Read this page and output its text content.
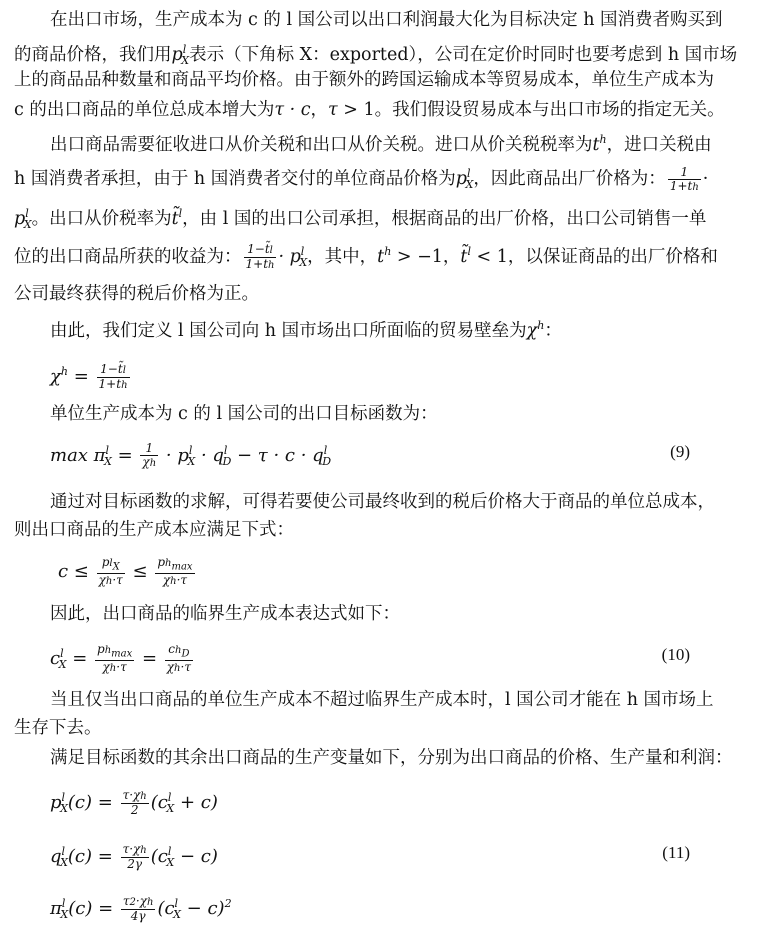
在出口市场，生产成本为 c 的 l 国公司以出口利润最大化为目标决定 h 国消费者购买到
的商品价格，我们用$p^l_X$表示（下角标 X：exported），公司在定价时同时也要考虑到 h 国市场
上的商品品种数量和商品平均价格。由于额外的跨国运输成本等贸易成本，单位生产成本为
c 的出口商品的单位总成本增大为τ · c，τ > 1。我们假设贸易成本与出口市场的指定无关。
出口商品需要征收进口从价关税和出口从价关税。进口从价关税税率为$t^h$，进口关税由
h 国消费者承担，由于 h 国消费者交付的单位商品价格为$p^l_X$，因此商品出厂价格为： $\frac{1}{1+th}$ ·
$p^l_X$。出口从价税率为t̃$^l$，由 l 国的出口公司承担，根据商品的出厂价格，出口公司销售一单
位的出口商品所获的收益为： $\frac{1-t̃l}{1+th} \cdot p^l_X$，其中，$t^h > -1$，t̃$^l$ < 1，以保证商品的出厂价格和
公司最终获得的税后价格为正。
由此，我们定义 l 国公司向 h 国市场出口所面临的贸易壁垒为$\chi^h$：
$\chi^h = \frac{1-t̃l}{1+th}$
单位生产成本为 c 的 l 国公司的出口目标函数为：
$\max \pi^l_X = \frac{1}{\chi h} \cdot p^l_X \cdot q^l_D - \tau \cdot c \cdot q^l_D$
(9)
通过对目标函数的求解，可得若要使公司最终收到的税后价格大于商品的单位总成本，
则出口商品的生产成本应满足下式：
$c \le \frac{pl_X}{\chi h\cdot\tau} \le \frac{ph_{max}}{\chi h\cdot\tau}$
因此，出口商品的临界生产成本表达式如下：
$c^l_X = \frac{ph_{max}}{\chi h\cdot\tau} = \frac{ch_D}{\chi h\cdot\tau}$	(10)
当且仅当出口商品的单位生产成本不超过临界生产成本时，l 国公司才能在 h 国市场上
生存下去。
满足目标函数的其余出口商品的生产变量如下，分别为出口商品的价格、生产量和利润：
$p^l_X(c) = \frac{\tau\cdot\chi h}{2} (c^l_X + c)$
$q^l_X(c) = \frac{\tau\cdot\chi h}{2\gamma} (c^l_X - c)$	(11)
$\pi^l_X(c) = \frac{\tau 2\cdot\chi h}{4\gamma} (c^l_X - c)^2$
